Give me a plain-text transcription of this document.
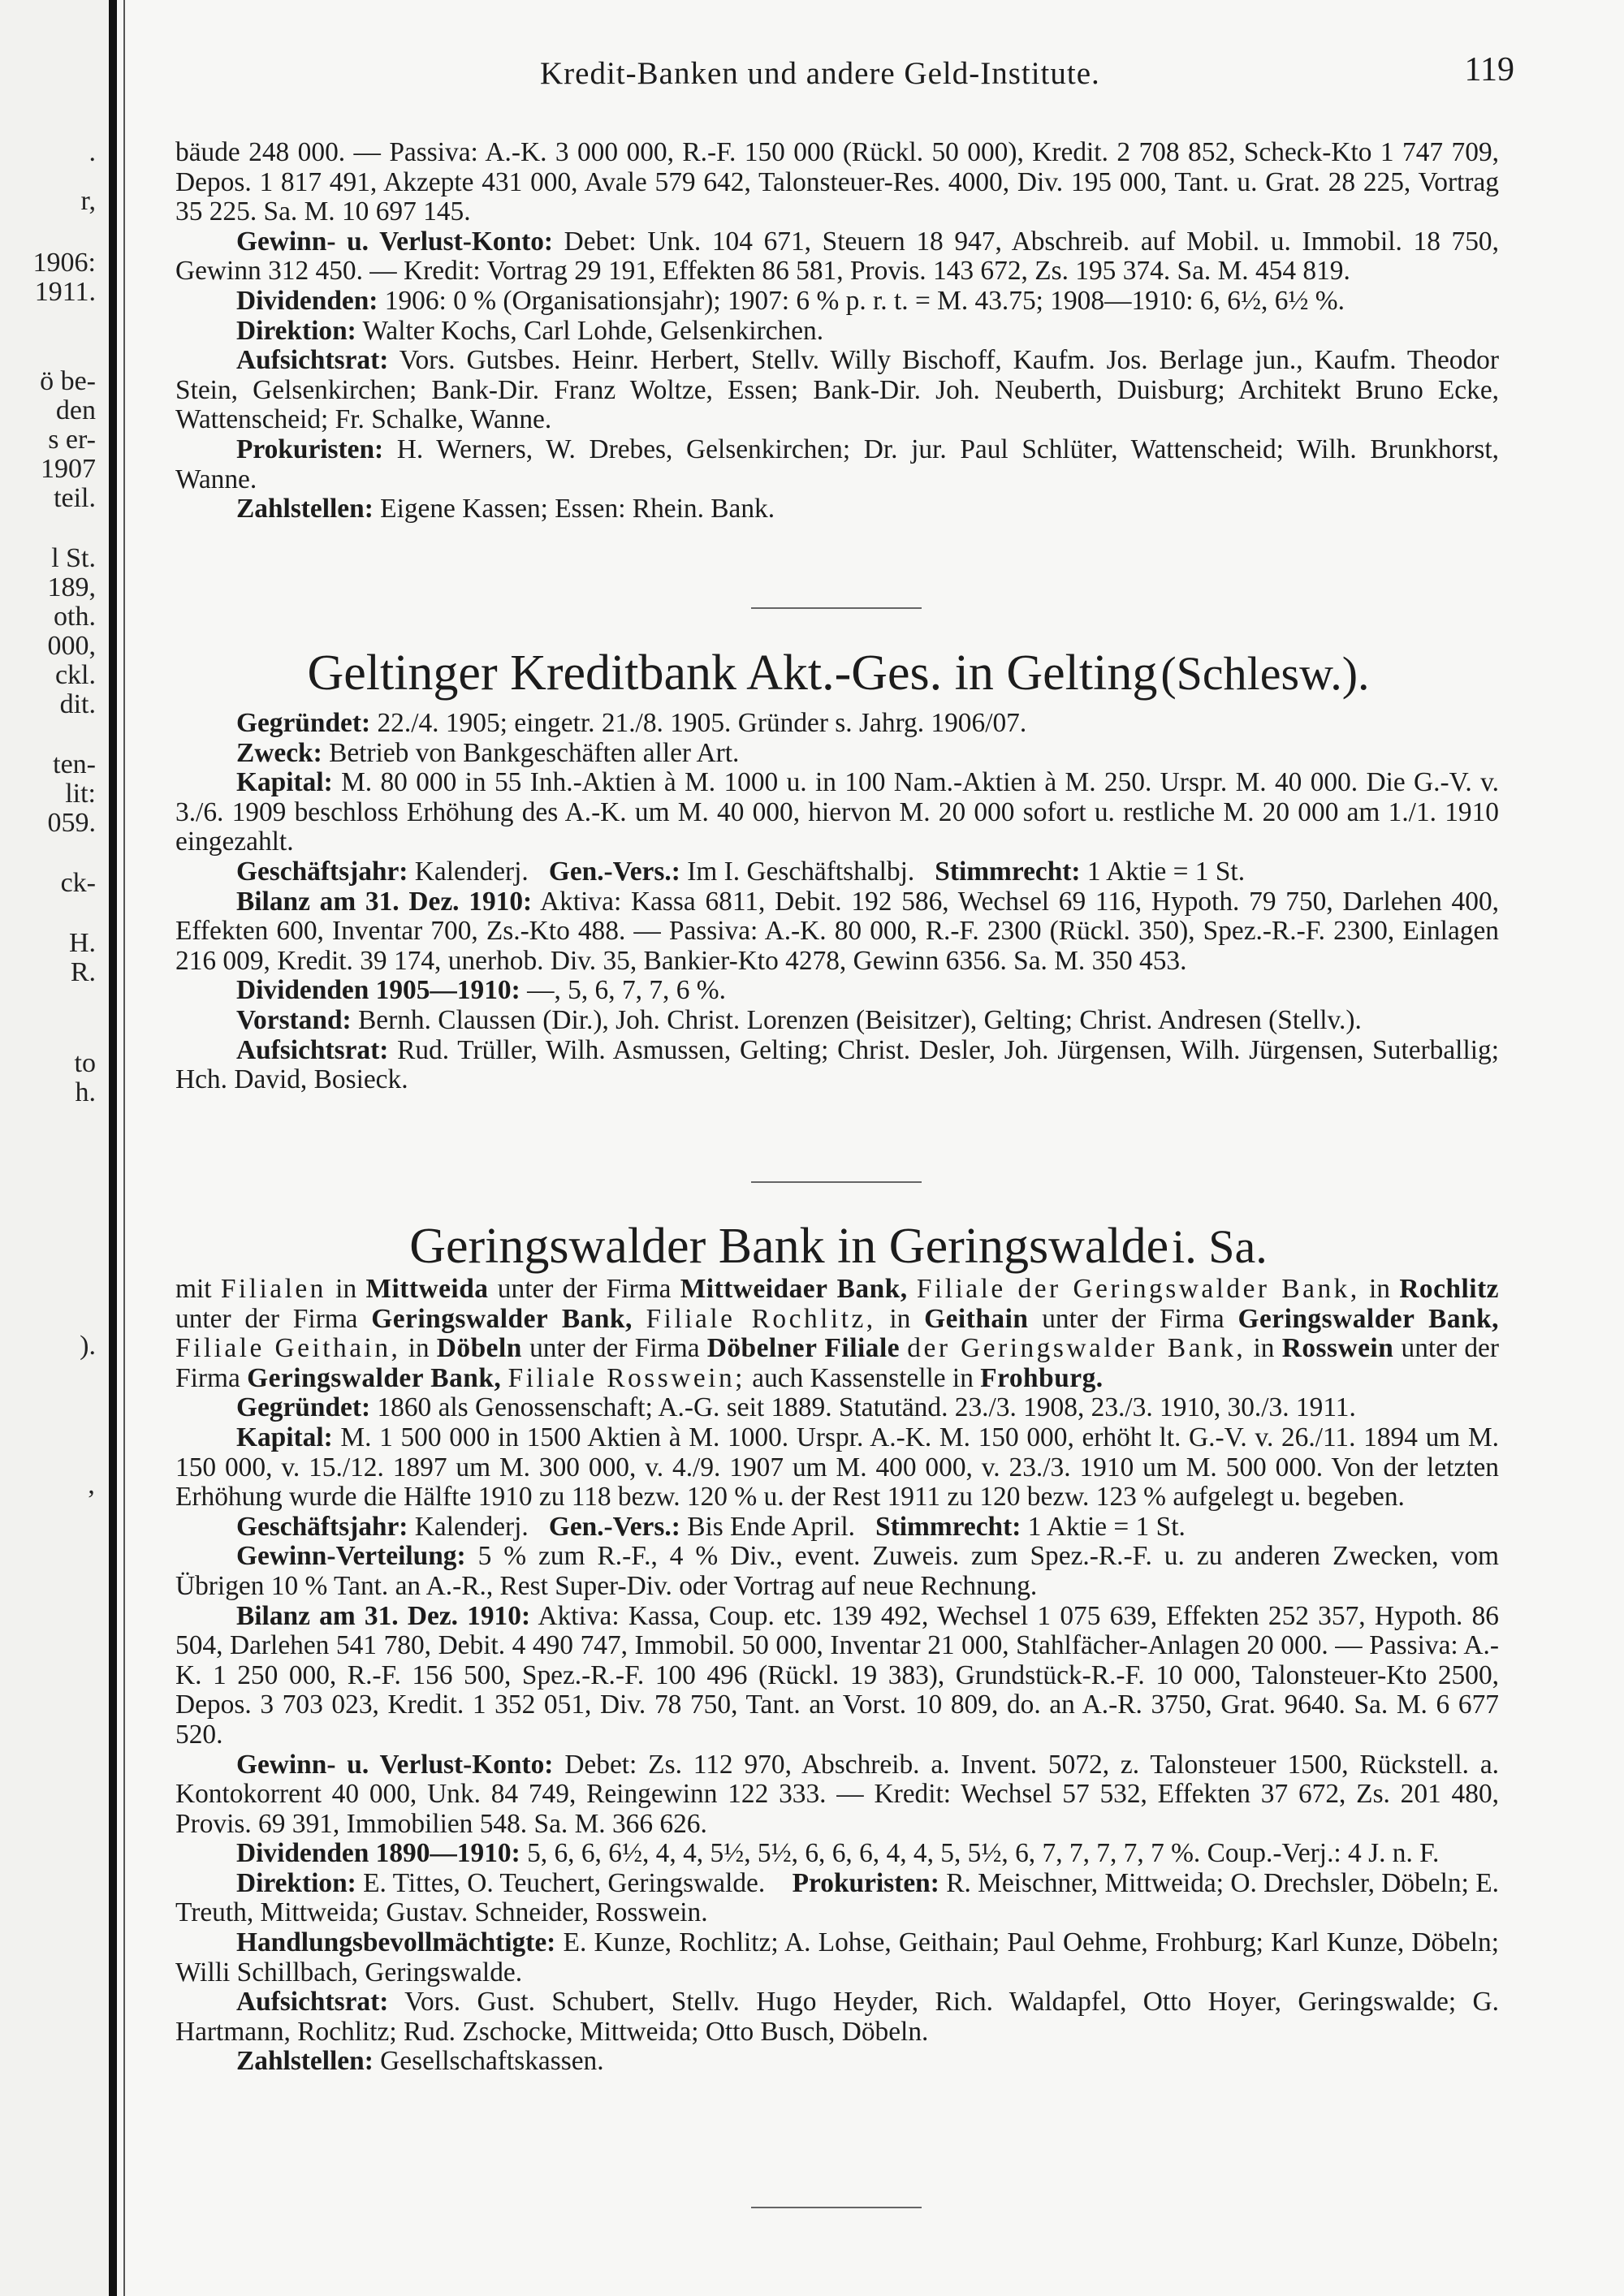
.
r,
1906:
1911.
ö be-
den
s er-
1907
teil.
l St.
189,
oth.
000,
ckl.
dit.
ten-
lit:
059.
ck-
H.
R.
to
h.
).
’
Kredit-Banken und andere Geld-Institute.	119

bäude 248 000. — Passiva: A.-K. 3 000 000, R.-F. 150 000 (Rückl. 50 000), Kredit. 2 708 852, Scheck-Kto 1 747 709, Depos. 1 817 491, Akzepte 431 000, Avale 579 642, Talonsteuer-Res. 4000, Div. 195 000, Tant. u. Grat. 28 225, Vortrag 35 225. Sa. M. 10 697 145.

Gewinn- u. Verlust-Konto: Debet: Unk. 104 671, Steuern 18 947, Abschreib. auf Mobil. u. Immobil. 18 750, Gewinn 312 450. — Kredit: Vortrag 29 191, Effekten 86 581, Provis. 143 672, Zs. 195 374. Sa. M. 454 819.

Dividenden: 1906: 0 % (Organisationsjahr); 1907: 6 % p. r. t. = M. 43.75; 1908—1910: 6, 6½, 6½ %.

Direktion: Walter Kochs, Carl Lohde, Gelsenkirchen.

Aufsichtsrat: Vors. Gutsbes. Heinr. Herbert, Stellv. Willy Bischoff, Kaufm. Jos. Berlage jun., Kaufm. Theodor Stein, Gelsenkirchen; Bank-Dir. Franz Woltze, Essen; Bank-Dir. Joh. Neuberth, Duisburg; Architekt Bruno Ecke, Wattenscheid; Fr. Schalke, Wanne.

Prokuristen: H. Werners, W. Drebes, Gelsenkirchen; Dr. jur. Paul Schlüter, Wattenscheid; Wilh. Brunkhorst, Wanne.

Zahlstellen: Eigene Kassen; Essen: Rhein. Bank.

Geltinger Kreditbank Akt.-Ges. in Gelting (Schlesw.).

Gegründet: 22./4. 1905; eingetr. 21./8. 1905. Gründer s. Jahrg. 1906/07.

Zweck: Betrieb von Bankgeschäften aller Art.

Kapital: M. 80 000 in 55 Inh.-Aktien à M. 1000 u. in 100 Nam.-Aktien à M. 250. Urspr. M. 40 000. Die G.-V. v. 3./6. 1909 beschloss Erhöhung des A.-K. um M. 40 000, hiervon M. 20 000 sofort u. restliche M. 20 000 am 1./1. 1910 eingezahlt.

Geschäftsjahr: Kalenderj. Gen.-Vers.: Im I. Geschäftshalbj. Stimmrecht: 1 Aktie = 1 St.

Bilanz am 31. Dez. 1910: Aktiva: Kassa 6811, Debit. 192 586, Wechsel 69 116, Hypoth. 79 750, Darlehen 400, Effekten 600, Inventar 700, Zs.-Kto 488. — Passiva: A.-K. 80 000, R.-F. 2300 (Rückl. 350), Spez.-R.-F. 2300, Einlagen 216 009, Kredit. 39 174, unerhob. Div. 35, Bankier-Kto 4278, Gewinn 6356. Sa. M. 350 453.

Dividenden 1905—1910: —, 5, 6, 7, 7, 6 %.

Vorstand: Bernh. Claussen (Dir.), Joh. Christ. Lorenzen (Beisitzer), Gelting; Christ. Andresen (Stellv.).

Aufsichtsrat: Rud. Trüller, Wilh. Asmussen, Gelting; Christ. Desler, Joh. Jürgensen, Wilh. Jürgensen, Suterballig; Hch. David, Bosieck.

Geringswalder Bank in Geringswalde i. Sa.

mit Filialen in Mittweida unter der Firma Mittweidaer Bank, Filiale der Geringswalder Bank, in Rochlitz unter der Firma Geringswalder Bank, Filiale Rochlitz, in Geithain unter der Firma Geringswalder Bank, Filiale Geithain, in Döbeln unter der Firma Döbelner Filiale der Geringswalder Bank, in Rosswein unter der Firma Geringswalder Bank, Filiale Rosswein; auch Kassenstelle in Frohburg.

Gegründet: 1860 als Genossenschaft; A.-G. seit 1889. Statutänd. 23./3. 1908, 23./3. 1910, 30./3. 1911.

Kapital: M. 1 500 000 in 1500 Aktien à M. 1000. Urspr. A.-K. M. 150 000, erhöht lt. G.-V. v. 26./11. 1894 um M. 150 000, v. 15./12. 1897 um M. 300 000, v. 4./9. 1907 um M. 400 000, v. 23./3. 1910 um M. 500 000. Von der letzten Erhöhung wurde die Hälfte 1910 zu 118 bezw. 120 % u. der Rest 1911 zu 120 bezw. 123 % aufgelegt u. begeben.

Geschäftsjahr: Kalenderj. Gen.-Vers.: Bis Ende April. Stimmrecht: 1 Aktie = 1 St.

Gewinn-Verteilung: 5 % zum R.-F., 4 % Div., event. Zuweis. zum Spez.-R.-F. u. zu anderen Zwecken, vom Übrigen 10 % Tant. an A.-R., Rest Super-Div. oder Vortrag auf neue Rechnung.

Bilanz am 31. Dez. 1910: Aktiva: Kassa, Coup. etc. 139 492, Wechsel 1 075 639, Effekten 252 357, Hypoth. 86 504, Darlehen 541 780, Debit. 4 490 747, Immobil. 50 000, Inventar 21 000, Stahlfächer-Anlagen 20 000. — Passiva: A.-K. 1 250 000, R.-F. 156 500, Spez.-R.-F. 100 496 (Rückl. 19 383), Grundstück-R.-F. 10 000, Talonsteuer-Kto 2500, Depos. 3 703 023, Kredit. 1 352 051, Div. 78 750, Tant. an Vorst. 10 809, do. an A.-R. 3750, Grat. 9640. Sa. M. 6 677 520.

Gewinn- u. Verlust-Konto: Debet: Zs. 112 970, Abschreib. a. Invent. 5072, z. Talonsteuer 1500, Rückstell. a. Kontokorrent 40 000, Unk. 84 749, Reingewinn 122 333. — Kredit: Wechsel 57 532, Effekten 37 672, Zs. 201 480, Provis. 69 391, Immobilien 548. Sa. M. 366 626.

Dividenden 1890—1910: 5, 6, 6, 6½, 4, 4, 5½, 5½, 6, 6, 6, 4, 4, 5, 5½, 6, 7, 7, 7, 7, 7 %. Coup.-Verj.: 4 J. n. F.

Direktion: E. Tittes, O. Teuchert, Geringswalde. Prokuristen: R. Meischner, Mittweida; O. Drechsler, Döbeln; E. Treuth, Mittweida; Gustav. Schneider, Rosswein.

Handlungsbevollmächtigte: E. Kunze, Rochlitz; A. Lohse, Geithain; Paul Oehme, Frohburg; Karl Kunze, Döbeln; Willi Schillbach, Geringswalde.

Aufsichtsrat: Vors. Gust. Schubert, Stellv. Hugo Heyder, Rich. Waldapfel, Otto Hoyer, Geringswalde; G. Hartmann, Rochlitz; Rud. Zschocke, Mittweida; Otto Busch, Döbeln.

Zahlstellen: Gesellschaftskassen.
